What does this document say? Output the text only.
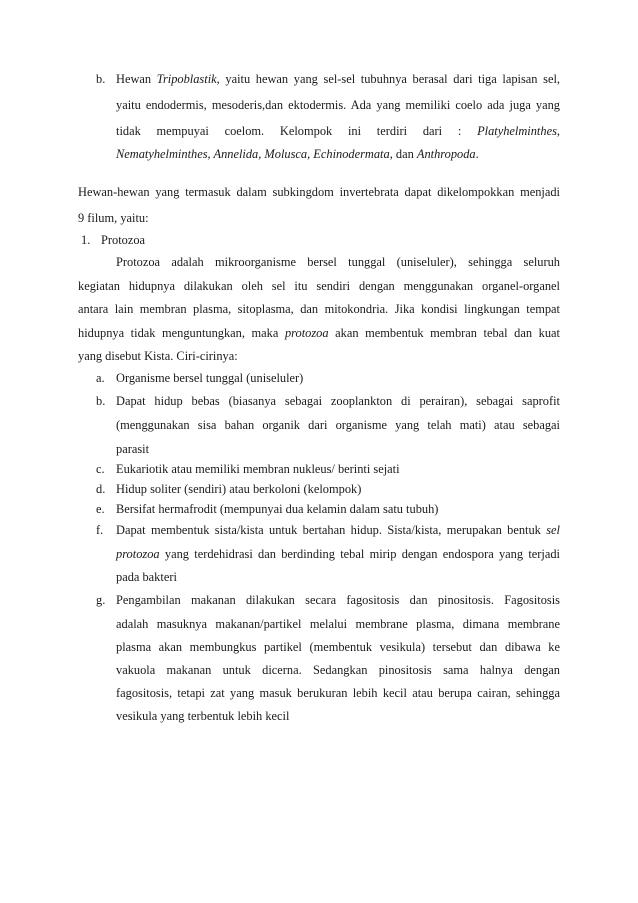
b. Hewan Tripoblastik, yaitu hewan yang sel-sel tubuhnya berasal dari tiga lapisan sel,
yaitu endodermis, mesoderis,dan ektodermis. Ada yang memiliki coelo ada juga yang
tidak mempuyai coelom. Kelompok ini terdiri dari : Platyhelminthes,
Nematyhelminthes, Annelida, Molusca, Echinodermata, dan Anthropoda.
Hewan-hewan yang termasuk dalam subkingdom invertebrata dapat dikelompokkan menjadi
9 filum, yaitu:
1. Protozoa
Protozoa adalah mikroorganisme bersel tunggal (uniseluler), sehingga seluruh
kegiatan hidupnya dilakukan oleh sel itu sendiri dengan menggunakan organel-organel
antara lain membran plasma, sitoplasma, dan mitokondria. Jika kondisi lingkungan tempat
hidupnya tidak menguntungkan, maka protozoa akan membentuk membran tebal dan kuat
yang disebut Kista. Ciri-cirinya:
a. Organisme bersel tunggal (uniseluler)
b. Dapat hidup bebas (biasanya sebagai zooplankton di perairan), sebagai saprofit
(menggunakan sisa bahan organik dari organisme yang telah mati) atau sebagai
parasit
c. Eukariotik atau memiliki membran nukleus/ berinti sejati
d. Hidup soliter (sendiri) atau berkoloni (kelompok)
e. Bersifat hermafrodit (mempunyai dua kelamin dalam satu tubuh)
f. Dapat membentuk sista/kista untuk bertahan hidup. Sista/kista, merupakan bentuk sel
protozoa yang terdehidrasi dan berdinding tebal mirip dengan endospora yang terjadi
pada bakteri
g. Pengambilan makanan dilakukan secara fagositosis dan pinositosis. Fagositosis
adalah masuknya makanan/partikel melalui membrane plasma, dimana membrane
plasma akan membungkus partikel (membentuk vesikula) tersebut dan dibawa ke
vakuola makanan untuk dicerna. Sedangkan pinositosis sama halnya dengan
fagositosis, tetapi zat yang masuk berukuran lebih kecil atau berupa cairan, sehingga
vesikula yang terbentuk lebih kecil
